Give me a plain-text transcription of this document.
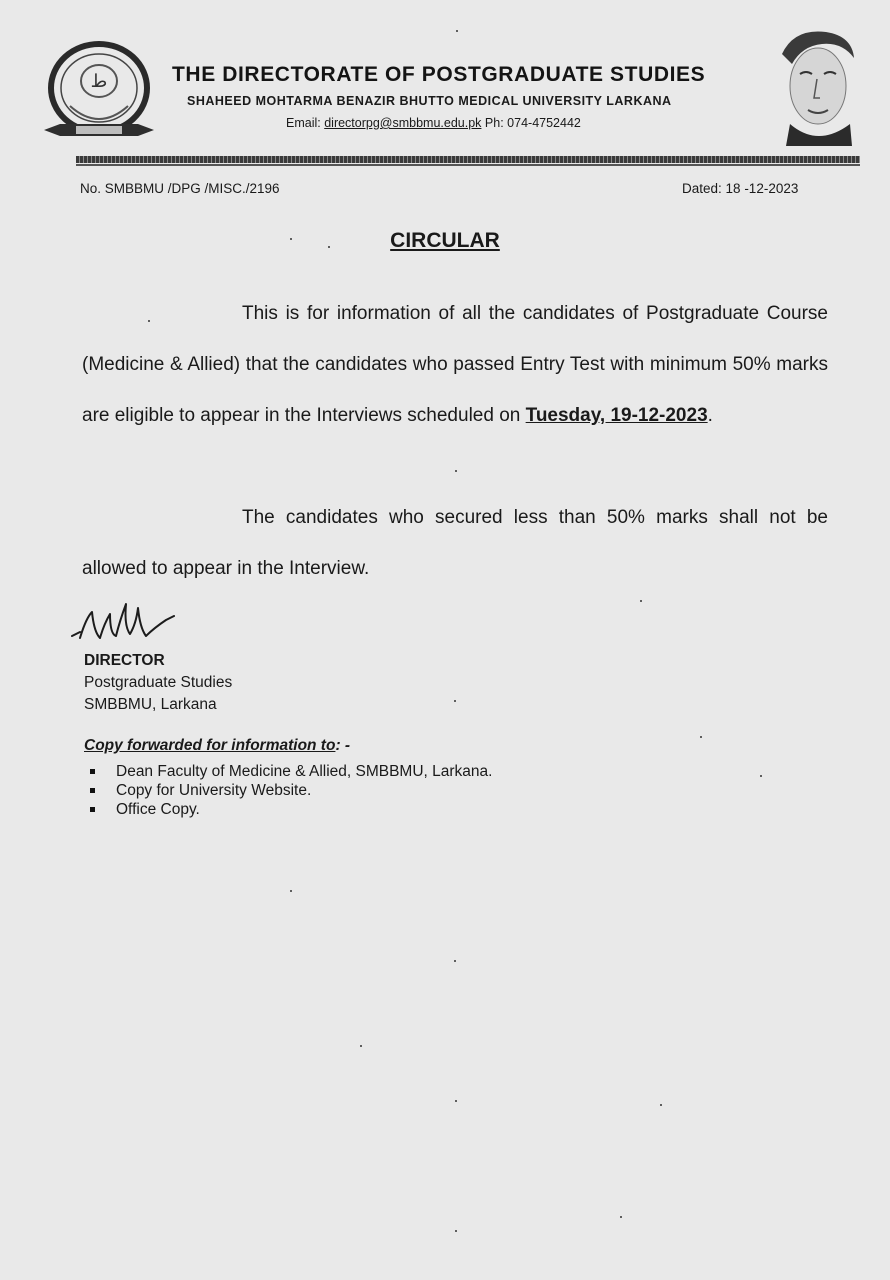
ط	THE DIRECTORATE OF POSTGRADUATE STUDIES
SHAHEED MOHTARMA BENAZIR BHUTTO MEDICAL UNIVERSITY LARKANA
Email: directorpg@smbbmu.edu.pk Ph: 074-4752442
No. SMBBMU /DPG /MISC./2196	Dated: 18 -12-2023
CIRCULAR
This is for information of all the candidates of Postgraduate Course (Medicine & Allied) that the candidates who passed Entry Test with minimum 50% marks are eligible to appear in the Interviews scheduled on Tuesday, 19-12-2023.
The candidates who secured less than 50% marks shall not be allowed to appear in the Interview.
DIRECTOR
Postgraduate Studies
SMBBMU, Larkana
Copy forwarded for information to: -
Dean Faculty of Medicine & Allied, SMBBMU, Larkana.
Copy for University Website.
Office Copy.
